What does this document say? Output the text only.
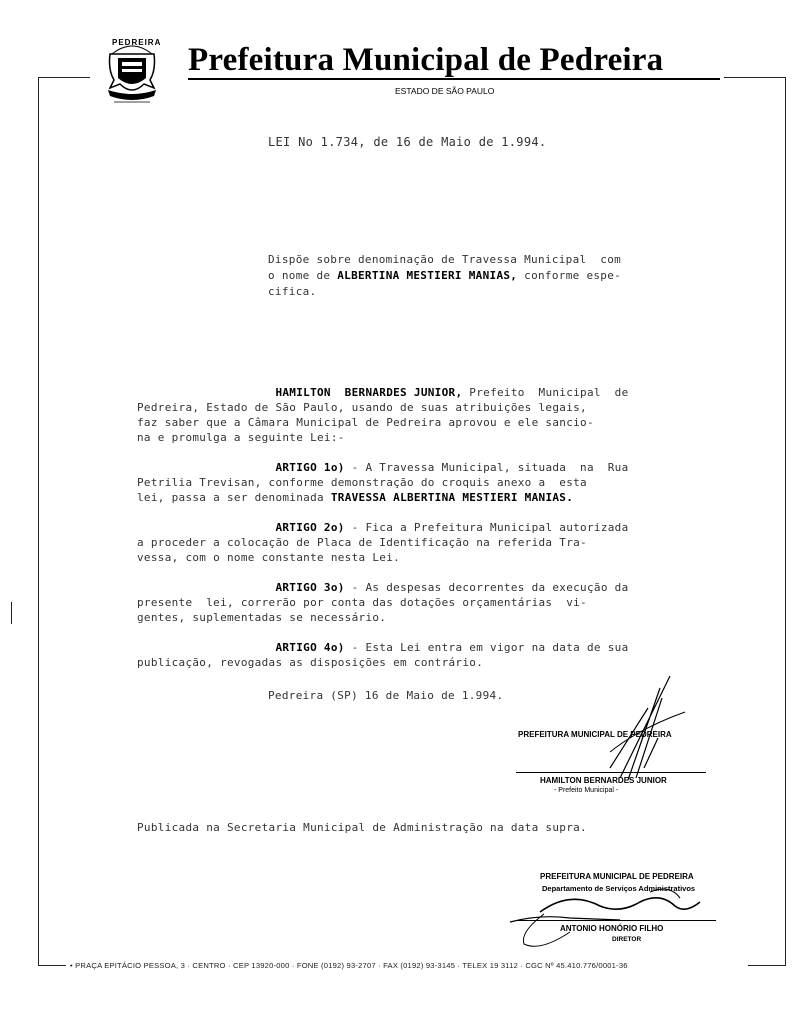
PEDREIRA
PEDREIRA
Prefeitura Municipal de Pedreira
ESTADO DE SÃO PAULO
LEI No 1.734, de 16 de Maio de 1.994.
Dispõe sobre denominação de Travessa Municipal  com
o nome de ALBERTINA MESTIERI MANIAS, conforme espe-
cifica.
HAMILTON  BERNARDES JUNIOR, Prefeito  Municipal  de
Pedreira, Estado de São Paulo, usando de suas atribuições legais,
faz saber que a Câmara Municipal de Pedreira aprovou e ele sancio-
na e promulga a seguinte Lei:-
ARTIGO 1o) - A Travessa Municipal, situada  na  Rua
Petrilia Trevisan, conforme demonstração do croquis anexo a  esta
lei, passa a ser denominada TRAVESSA ALBERTINA MESTIERI MANIAS.
ARTIGO 2o) - Fica a Prefeitura Municipal autorizada
a proceder a colocação de Placa de Identificação na referida Tra-
vessa, com o nome constante nesta Lei.
ARTIGO 3o) - As despesas decorrentes da execução da
presente  lei, correrão por conta das dotações orçamentárias  vi-
gentes, suplementadas se necessário.
ARTIGO 4o) - Esta Lei entra em vigor na data de sua
publicação, revogadas as disposições em contrário.
Pedreira (SP) 16 de Maio de 1.994.
PREFEITURA MUNICIPAL DE PEDREIRA
HAMILTON BERNARDES JUNIOR
- Prefeito Municipal -
Publicada na Secretaria Municipal de Administração na data supra.
PREFEITURA MUNICIPAL DE PEDREIRA
Departamento de Serviços Administrativos
ANTONIO HONÓRIO FILHO
DIRETOR
• PRAÇA EPITÁCIO PESSOA, 3 · CENTRO · CEP 13920-000 · FONE (0192) 93-2707 · FAX (0192) 93-3145 · TELEX 19 3112 · CGC Nº 45.410.776/0001-36
